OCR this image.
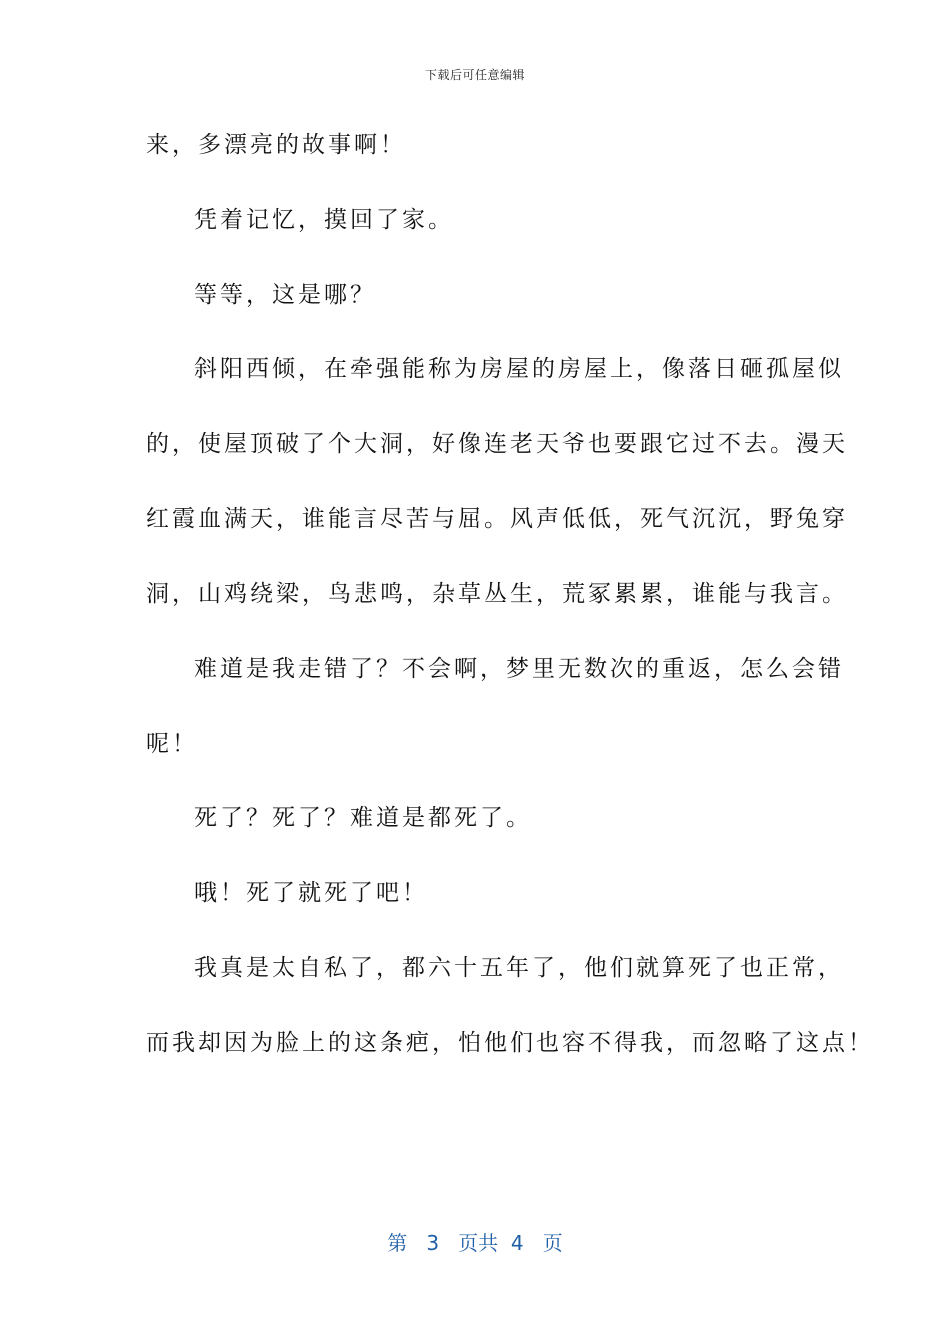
下载后可任意编辑
来，多漂亮的故事啊！
凭着记忆，摸回了家。
等等，这是哪？
斜阳西倾，在牵强能称为房屋的房屋上，像落日砸孤屋似
的，使屋顶破了个大洞，好像连老天爷也要跟它过不去。漫天
红霞血满天，谁能言尽苦与屈。风声低低，死气沉沉，野兔穿
洞，山鸡绕梁，鸟悲鸣，杂草丛生，荒冢累累，谁能与我言。
难道是我走错了？不会啊，梦里无数次的重返，怎么会错
呢！
死了？死了？难道是都死了。
哦！死了就死了吧！
我真是太自私了，都六十五年了，他们就算死了也正常，
而我却因为脸上的这条疤，怕他们也容不得我，而忽略了这点！
第 3 页共 4 页
